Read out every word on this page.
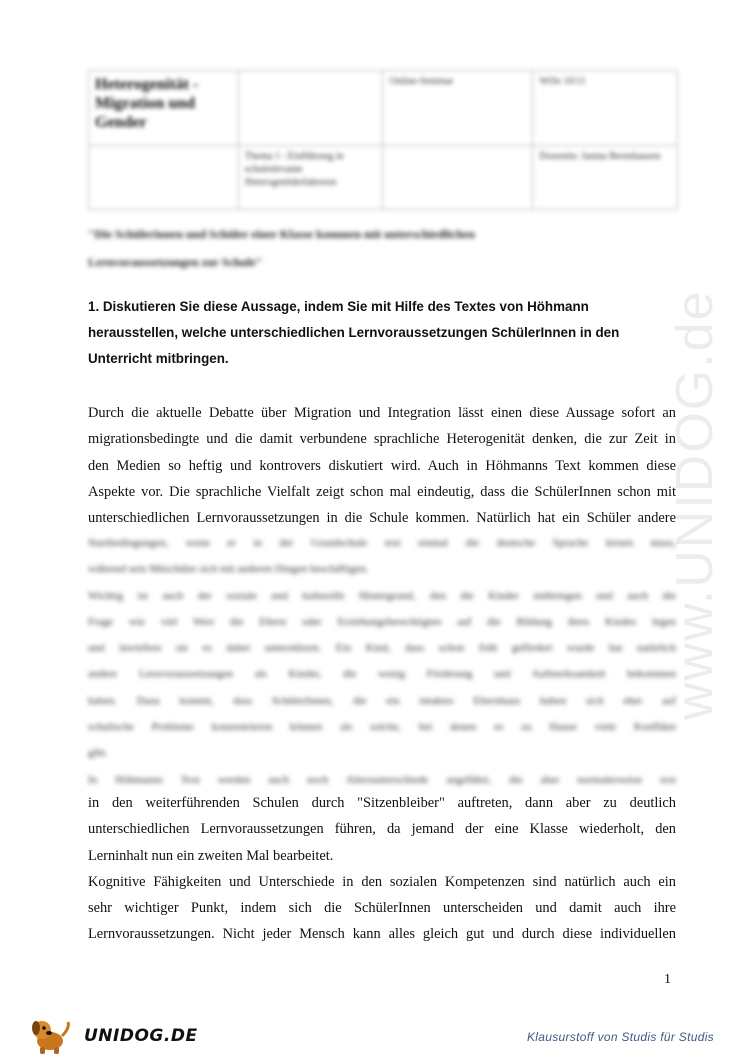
Heterogenität - Migration und Gender		Online-Seminar	WiSe 10/11
	Thema 1 : Einführung in schulrelevante Heterogenitätsfaktoren		Dozentin: Janina Bernshausen
"Die Schülerinnen und Schüler einer Klasse kommen mit unterschiedlichen
Lernvoraussetzungen zur Schule"
1. Diskutieren Sie diese Aussage, indem Sie mit Hilfe des Textes von Höhmann
herausstellen, welche unterschiedlichen Lernvoraussetzungen SchülerInnen in den
Unterricht mitbringen.
Durch die aktuelle Debatte über Migration und Integration lässt einen diese Aussage sofort an
migrationsbedingte und die damit verbundene sprachliche Heterogenität denken, die zur Zeit in
den Medien so heftig und kontrovers diskutiert wird. Auch in Höhmanns Text kommen diese
Aspekte vor. Die sprachliche Vielfalt zeigt schon mal eindeutig, dass die SchülerInnen schon mit
unterschiedlichen Lernvoraussetzungen in die Schule kommen. Natürlich hat ein Schüler andere
Startbedingungen, wenn er in der Grundschule erst einmal die deutsche Sprache lernen muss,
während sein Mitschüler sich mit anderen Dingen beschäftigen.
Wichtig ist auch der soziale und kulturelle Hintergrund, den die Kinder mitbringen und auch die
Frage wie viel Wert die Eltern oder Erziehungsberechtigten auf die Bildung ihres Kindes legen
und inwiefern sie es dabei unterstützen. Ein Kind, dass schon früh gefördert wurde hat natürlich
andere Lernvoraussetzungen als Kinder, die wenig Förderung und Aufmerksamkeit bekommen
haben. Dazu kommt, dass SchülerInnen, die ein intaktes Elternhaus haben sich eher auf
schulische Probleme konzentrieren können als solche, bei denen es zu Hause viele Konflikte
gibt.
In Höhmanns Text werden auch noch Altersunterschiede angeführt, die aber normalerweise erst
in den weiterführenden Schulen durch "Sitzenbleiber" auftreten, dann aber zu deutlich
unterschiedlichen Lernvoraussetzungen führen, da jemand der eine Klasse wiederholt, den
Lerninhalt nun ein zweiten Mal bearbeitet.
Kognitive Fähigkeiten und Unterschiede in den sozialen Kompetenzen sind natürlich auch ein
sehr wichtiger Punkt, indem sich die SchülerInnen unterscheiden und damit auch ihre
Lernvoraussetzungen. Nicht jeder Mensch kann alles gleich gut und durch diese individuellen
1
www.UNIDOG.de
UNIDOG.DE	Klausurstoff von Studis für Studis
